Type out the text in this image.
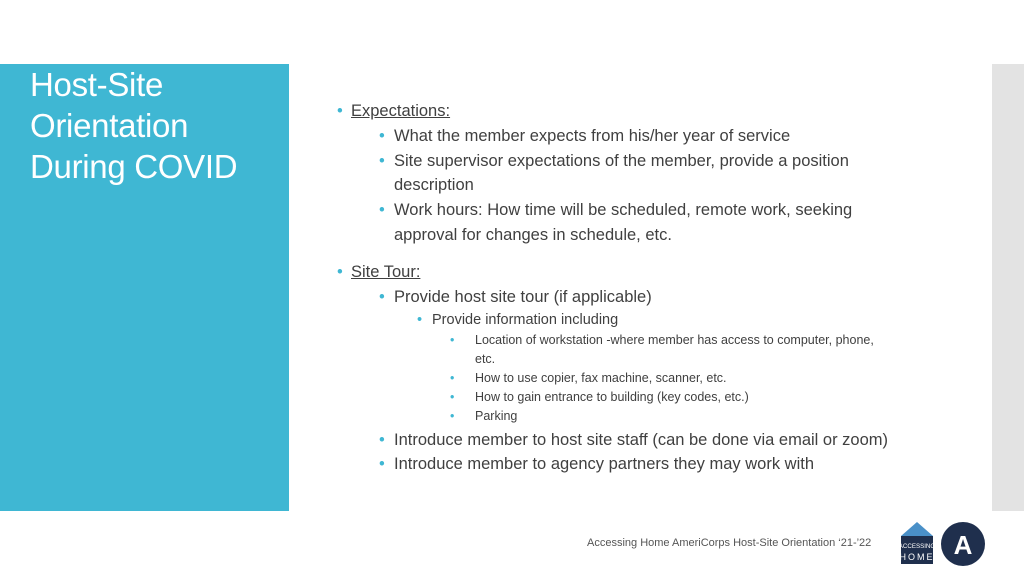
Host-Site
Orientation
During COVID
• Expectations:
• What the member expects from his/her year of service
• Site supervisor expectations of the member, provide a position
description
• Work hours: How time will be scheduled, remote work, seeking
approval for changes in schedule, etc.
• Site Tour:
• Provide host site tour (if applicable)
• Provide information including
• Location of workstation -where member has access to computer, phone,
etc.
• How to use copier, fax machine, scanner, etc.
• How to gain entrance to building (key codes, etc.)
• Parking
• Introduce member to host site staff (can be done via email or zoom)
• Introduce member to agency partners they may work with
Accessing Home AmeriCorps Host-Site Orientation ‘21-’22	ACCESSING
HOME A
